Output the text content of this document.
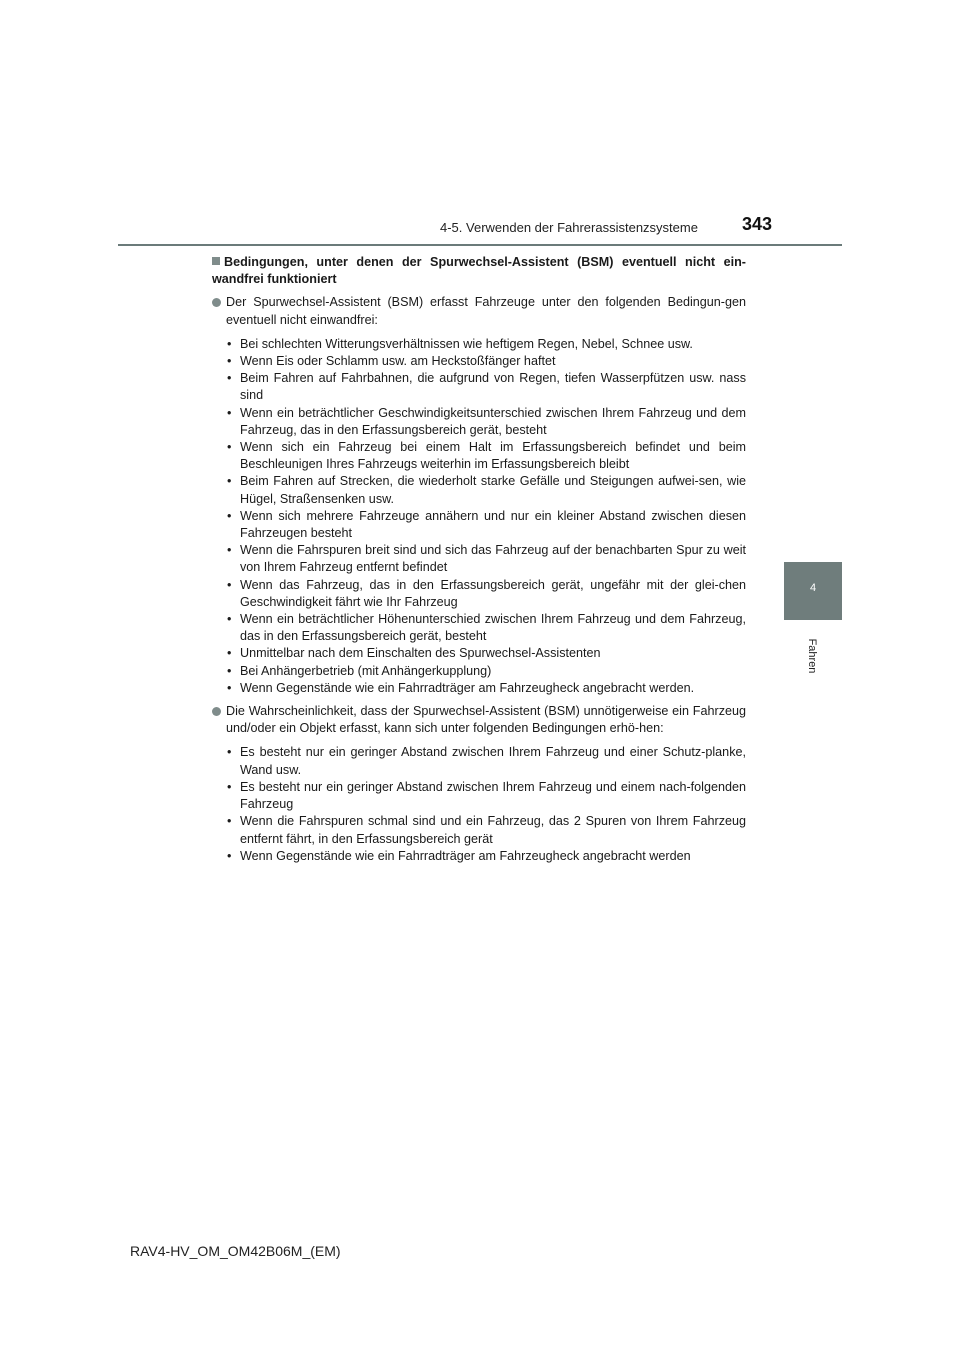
4-5. Verwenden der Fahrerassistenzsysteme 343
4
Fahren
Bedingungen, unter denen der Spurwechsel-Assistent (BSM) eventuell nicht ein-wandfrei funktioniert
Der Spurwechsel-Assistent (BSM) erfasst Fahrzeuge unter den folgenden Bedingun-gen eventuell nicht einwandfrei:
• Bei schlechten Witterungsverhältnissen wie heftigem Regen, Nebel, Schnee usw.
• Wenn Eis oder Schlamm usw. am Heckstoßfänger haftet
• Beim Fahren auf Fahrbahnen, die aufgrund von Regen, tiefen Wasserpfützen usw. nass sind
• Wenn ein beträchtlicher Geschwindigkeitsunterschied zwischen Ihrem Fahrzeug und dem Fahrzeug, das in den Erfassungsbereich gerät, besteht
• Wenn sich ein Fahrzeug bei einem Halt im Erfassungsbereich befindet und beim Beschleunigen Ihres Fahrzeugs weiterhin im Erfassungsbereich bleibt
• Beim Fahren auf Strecken, die wiederholt starke Gefälle und Steigungen aufwei-sen, wie Hügel, Straßensenken usw.
• Wenn sich mehrere Fahrzeuge annähern und nur ein kleiner Abstand zwischen diesen Fahrzeugen besteht
• Wenn die Fahrspuren breit sind und sich das Fahrzeug auf der benachbarten Spur zu weit von Ihrem Fahrzeug entfernt befindet
• Wenn das Fahrzeug, das in den Erfassungsbereich gerät, ungefähr mit der glei-chen Geschwindigkeit fährt wie Ihr Fahrzeug
• Wenn ein beträchtlicher Höhenunterschied zwischen Ihrem Fahrzeug und dem Fahrzeug, das in den Erfassungsbereich gerät, besteht
• Unmittelbar nach dem Einschalten des Spurwechsel-Assistenten
• Bei Anhängerbetrieb (mit Anhängerkupplung)
• Wenn Gegenstände wie ein Fahrradträger am Fahrzeugheck angebracht werden.
Die Wahrscheinlichkeit, dass der Spurwechsel-Assistent (BSM) unnötigerweise ein Fahrzeug und/oder ein Objekt erfasst, kann sich unter folgenden Bedingungen erhö-hen:
• Es besteht nur ein geringer Abstand zwischen Ihrem Fahrzeug und einer Schutz-planke, Wand usw.
• Es besteht nur ein geringer Abstand zwischen Ihrem Fahrzeug und einem nach-folgenden Fahrzeug
• Wenn die Fahrspuren schmal sind und ein Fahrzeug, das 2 Spuren von Ihrem Fahrzeug entfernt fährt, in den Erfassungsbereich gerät
• Wenn Gegenstände wie ein Fahrradträger am Fahrzeugheck angebracht werden
RAV4-HV_OM_OM42B06M_(EM)
